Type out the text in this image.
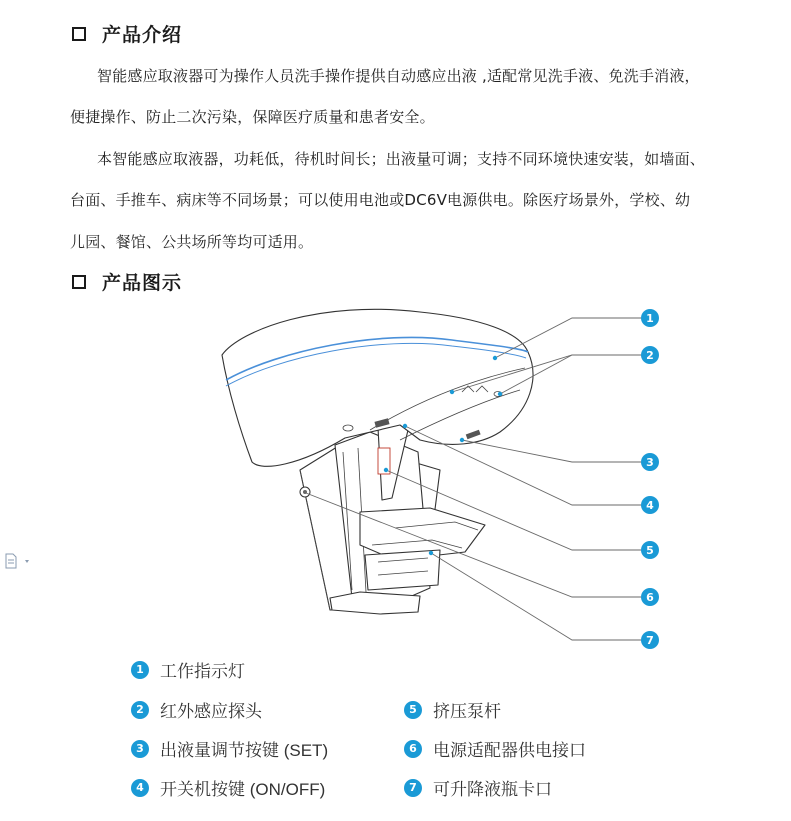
产品介绍
智能感应取液器可为操作人员洗手操作提供自动感应出液 ,适配常见洗手液、免洗手消液，
便捷操作、防止二次污染，保障医疗质量和患者安全。
本智能感应取液器，功耗低，待机时间长；出液量可调；支持不同环境快速安装，如墙面、
台面、手推车、病床等不同场景；可以使用电池或DC6V电源供电。除医疗场景外，学校、幼
儿园、餐馆、公共场所等均可适用。
产品图示
1
2
3
4
5
6
7
1 工作指示灯
2 红外感应探头
3 出液量调节按键 (SET)
4 开关机按键 (ON/OFF)
5 挤压泵杆
6 电源适配器供电接口
7 可升降液瓶卡口
